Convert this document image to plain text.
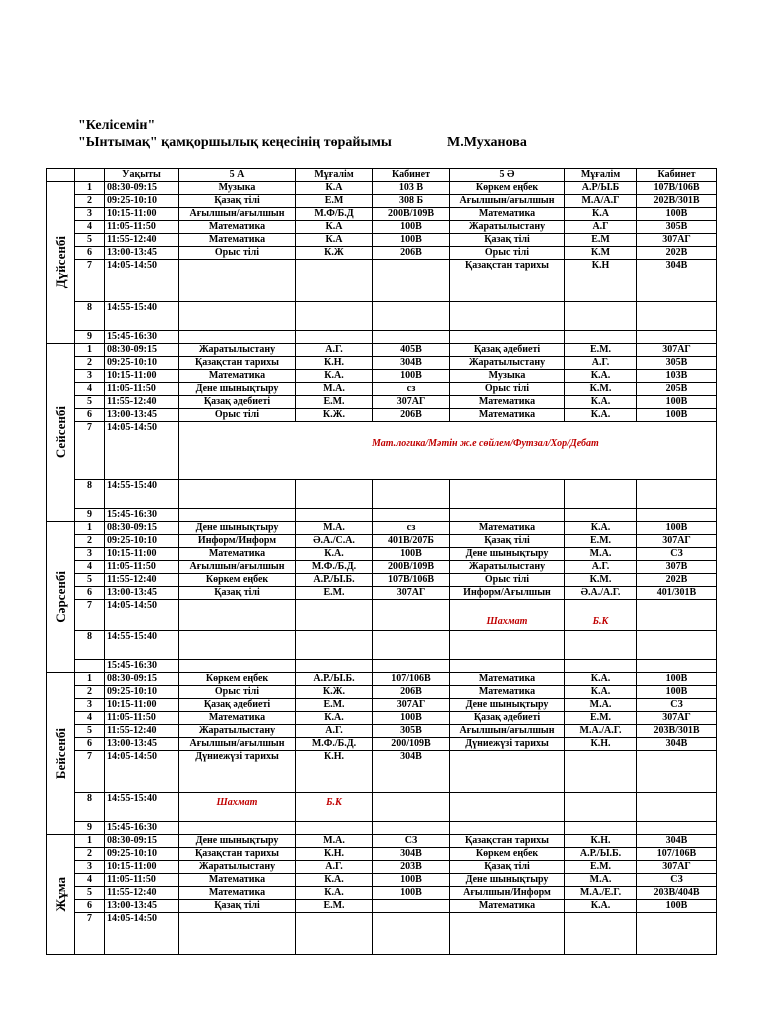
"Келісемін"
"Ынтымақ" қамқоршылық кеңесінің төрайымы	М.Муханова
		Уақыты	5 А	Мұғалім	Кабинет	5 Ә	Мұғалім	Кабинет

Дүйсенбі	1	08:30-09:15	Музыка	К.А	103 В	Көркем еңбек	А.Р/Ы.Б	107В/106В
	2	09:25-10:10	Қазақ тілі	Е.М	308 Б	Ағылшын/ағылшын	М.А/А.Г	202В/301В
	3	10:15-11:00	Ағылшын/ағылшын	М.Ф/Б.Д	200В/109В	Математика	К.А	100В
	4	11:05-11:50	Математика	К.А	100В	Жаратылыстану	А.Г	305В
	5	11:55-12:40	Математика	К.А	100В	Қазақ тілі	Е.М	307АГ
	6	13:00-13:45	Орыс тілі	К.Ж	206В	Орыс тілі	К.М	202В
	7	14:05-14:50				Қазақстан тарихы	К.Н	304В
	8	14:55-15:40						
	9	15:45-16:30						

Сейсенбі	1	08:30-09:15	Жаратылыстану	А.Г.	405В	Қазақ әдебиеті	Е.М.	307АГ
	2	09:25-10:10	Қазақстан тарихы	К.Н.	304В	Жаратылыстану	А.Г.	305В
	3	10:15-11:00	Математика	К.А.	100В	Музыка	К.А.	103В
	4	11:05-11:50	Дене шынықтыру	М.А.	сз	Орыс тілі	К.М.	205В
	5	11:55-12:40	Қазақ әдебиеті	Е.М.	307АГ	Математика	К.А.	100В
	6	13:00-13:45	Орыс тілі	К.Ж.	206В	Математика	К.А.	100В
	7	14:05-14:50	Мат.логика/Мәтін ж.е сөйлем/Футзал/Хор/Дебат					
	8	14:55-15:40						
	9	15:45-16:30						

Сәрсенбі	1	08:30-09:15	Дене шынықтыру	М.А.	сз	Математика	К.А.	100В
	2	09:25-10:10	Информ/Информ	Ә.А./С.А.	401В/207Б	Қазақ тілі	Е.М.	307АГ
	3	10:15-11:00	Математика	К.А.	100В	Дене шынықтыру	М.А.	СЗ
	4	11:05-11:50	Ағылшын/ағылшын	М.Ф./Б.Д.	200В/109В	Жаратылыстану	А.Г.	307В
	5	11:55-12:40	Көркем еңбек	А.Р./Ы.Б.	107В/106В	Орыс тілі	К.М.	202В
	6	13:00-13:45	Қазақ тілі	Е.М.	307АГ	Информ/Ағылшын	Ә.А./А.Г.	401/301В
	7	14:05-14:50				Шахмат	Б.К	

	8	14:55-15:40						
		15:45-16:30						

Бейсенбі	1	08:30-09:15	Көркем еңбек	А.Р./Ы.Б.	107/106В	Математика	К.А.	100В
	2	09:25-10:10	Орыс тілі	К.Ж.	206В	Математика	К.А.	100В
	3	10:15-11:00	Қазақ әдебиеті	Е.М.	307АГ	Дене шынықтыру	М.А.	СЗ
	4	11:05-11:50	Математика	К.А.	100В	Қазақ әдебиеті	Е.М.	307АГ
	5	11:55-12:40	Жаратылыстану	А.Г.	305В	Ағылшын/ағылшын	М.А./А.Г.	203В/301В
	6	13:00-13:45	Ағылшын/ағылшын	М.Ф./Б.Д.	200/109В	Дүниежүзі тарихы	К.Н.	304В
	7	14:05-14:50	Дүниежүзі тарихы	К.Н.	304В			
	8	14:55-15:40	Шахмат	Б.К				

	9	15:45-16:30						

Жұма	1	08:30-09:15	Дене шынықтыру	М.А.	СЗ	Қазақстан тарихы	К.Н.	304В
	2	09:25-10:10	Қазақстан тарихы	К.Н.	304В	Көркем еңбек	А.Р./Ы.Б.	107/106В
	3	10:15-11:00	Жаратылыстану	А.Г.	203В	Қазақ тілі	Е.М.	307АГ
	4	11:05-11:50	Математика	К.А.	100В	Дене шынықтыру	М.А.	СЗ
	5	11:55-12:40	Математика	К.А.	100В	Ағылшын/Информ	М.А./Е.Г.	203В/404В
	6	13:00-13:45	Қазақ тілі	Е.М.		Математика	К.А.	100В
	7	14:05-14:50						
